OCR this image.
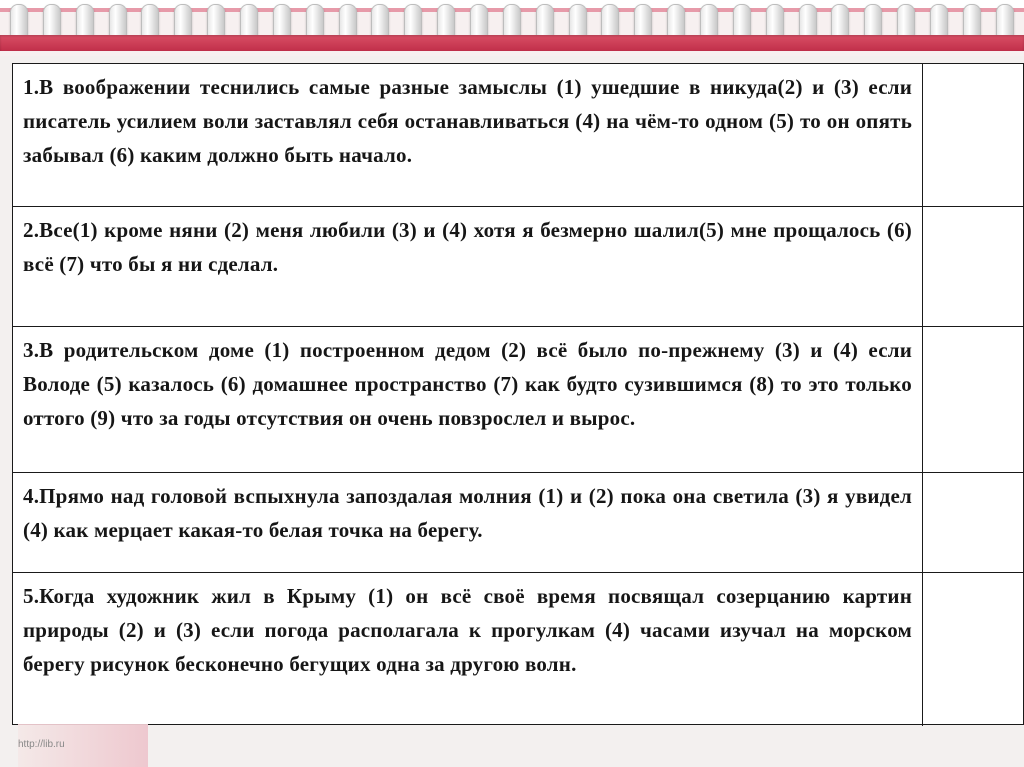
1.В воображении теснились самые разные замыслы (1) ушедшие в никуда(2) и (3) если писатель усилием воли заставлял себя останавливаться (4) на чём-то одном (5) то он опять забывал (6) каким должно быть начало.
2.Все(1) кроме няни (2) меня любили (3) и (4) хотя я безмерно шалил(5) мне прощалось (6) всё (7) что бы я ни сделал.
3.В родительском доме (1) построенном дедом (2) всё было по-прежнему (3) и (4) если Володе (5) казалось (6) домашнее пространство (7) как будто сузившимся (8) то это только оттого (9) что за годы отсутствия он очень повзрослел и вырос.
4.Прямо над головой вспыхнула запоздалая молния (1) и (2) пока она светила (3) я увидел (4) как мерцает какая-то белая точка на берегу.
5.Когда художник жил в Крыму (1) он всё своё время посвящал созерцанию картин природы (2) и (3) если погода располагала к прогулкам (4) часами изучал на морском берегу рисунок бесконечно бегущих одна за другою волн.
http://lib.ru
